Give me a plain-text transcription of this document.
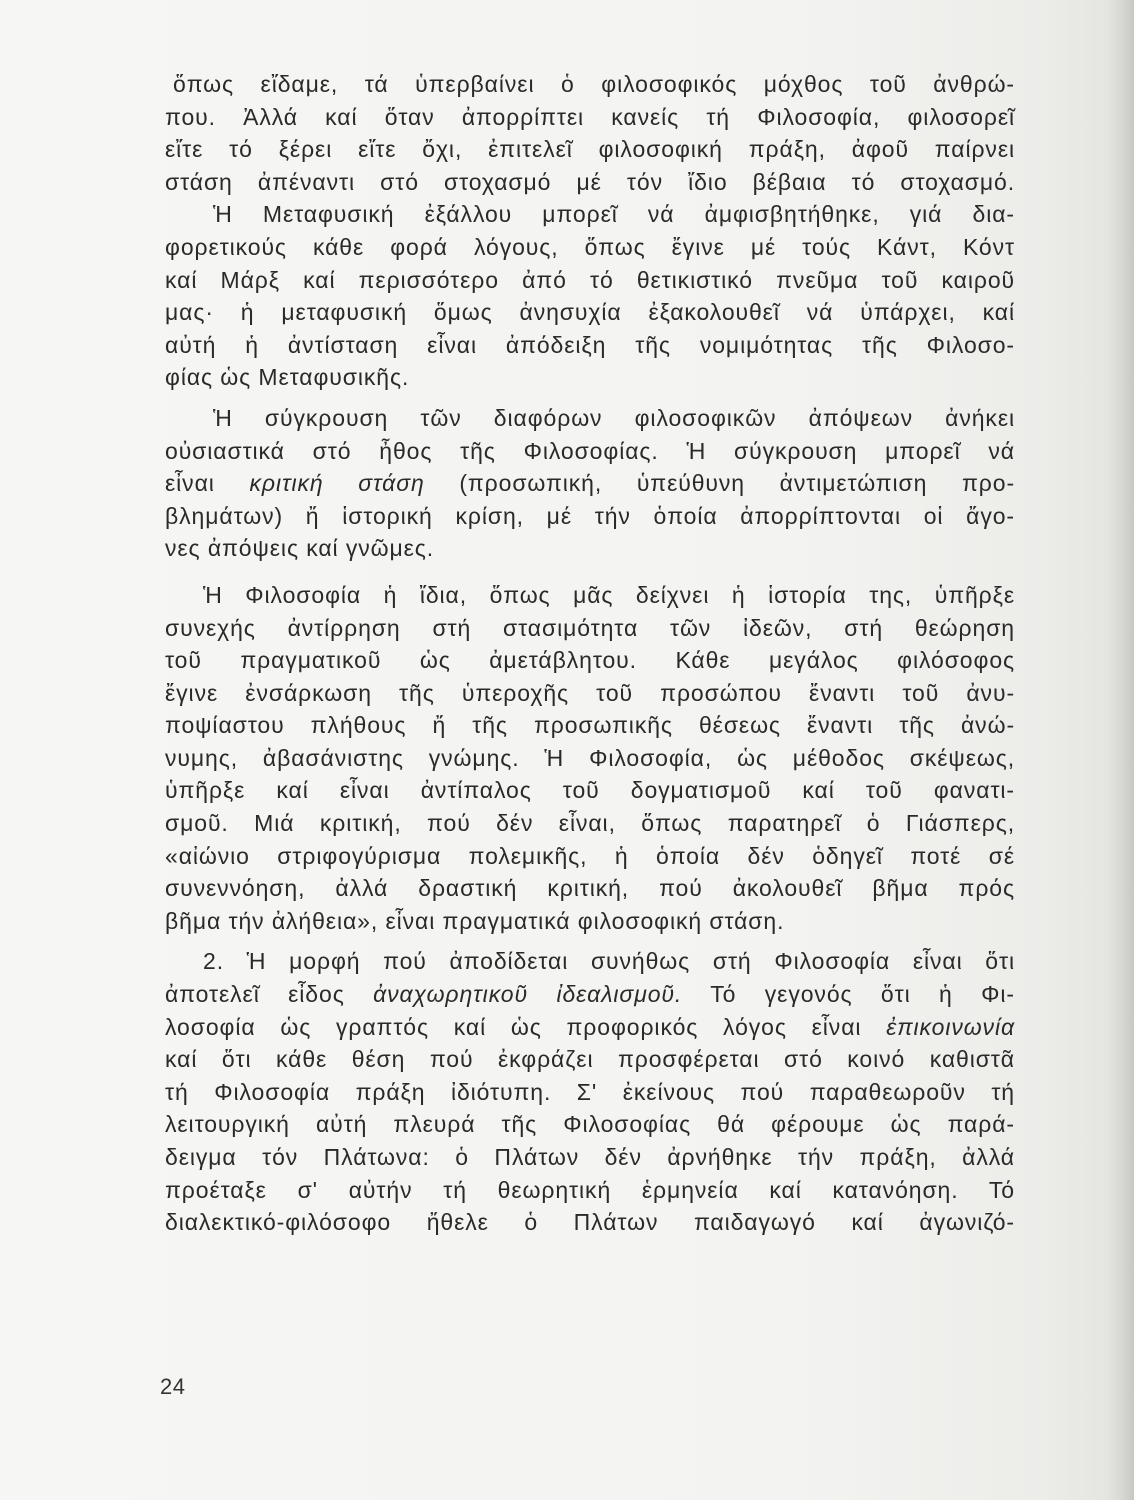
ὅπως εἴδαμε, τά ὑπερβαίνει ὁ φιλοσοφικός μόχθος τοῦ ἀνθρώ-
που. Ἀλλά καί ὅταν ἀπορρίπτει κανείς τή Φιλοσοφία, φιλοσορεῖ
εἴτε τό ξέρει εἴτε ὄχι, ἐπιτελεῖ φιλοσοφική πράξη, ἀφοῦ παίρνει
στάση ἀπέναντι στό στοχασμό μέ τόν ἴδιο βέβαια τό στοχασμό.
Ἡ Μεταφυσική ἐξάλλου μπορεῖ νά ἀμφισβητήθηκε, γιά δια-
φορετικούς κάθε φορά λόγους, ὅπως ἔγινε μέ τούς Κάντ, Κόντ
καί Μάρξ καί περισσότερο ἀπό τό θετικιστικό πνεῦμα τοῦ καιροῦ
μας· ἡ μεταφυσική ὅμως ἀνησυχία ἐξακολουθεῖ νά ὑπάρχει, καί
αὐτή ἡ ἀντίσταση εἶναι ἀπόδειξη τῆς νομιμότητας τῆς Φιλοσο-
φίας ὡς Μεταφυσικῆς.
Ἡ σύγκρουση τῶν διαφόρων φιλοσοφικῶν ἀπόψεων ἀνήκει
οὐσιαστικά στό ἦθος τῆς Φιλοσοφίας. Ἡ σύγκρουση μπορεῖ νά
εἶναι κριτική στάση (προσωπική, ὑπεύθυνη ἀντιμετώπιση προ-
βλημάτων) ἤ ἱστορική κρίση, μέ τήν ὁποία ἀπορρίπτονται οἱ ἄγο-
νες ἀπόψεις καί γνῶμες.
Ἡ Φιλοσοφία ἡ ἴδια, ὅπως μᾶς δείχνει ἡ ἱστορία της, ὑπῆρξε
συνεχής ἀντίρρηση στή στασιμότητα τῶν ἰδεῶν, στή θεώρηση
τοῦ πραγματικοῦ ὡς ἀμετάβλητου. Κάθε μεγάλος φιλόσοφος
ἔγινε ἐνσάρκωση τῆς ὑπεροχῆς τοῦ προσώπου ἔναντι τοῦ ἀνυ-
ποψίαστου πλήθους ἤ τῆς προσωπικῆς θέσεως ἔναντι τῆς ἀνώ-
νυμης, ἀβασάνιστης γνώμης. Ἡ Φιλοσοφία, ὡς μέθοδος σκέψεως,
ὑπῆρξε καί εἶναι ἀντίπαλος τοῦ δογματισμοῦ καί τοῦ φανατι-
σμοῦ. Μιά κριτική, πού δέν εἶναι, ὅπως παρατηρεῖ ὁ Γιάσπερς,
«αἰώνιο στριφογύρισμα πολεμικῆς, ἡ ὁποία δέν ὁδηγεῖ ποτέ σέ
συνεννόηση, ἀλλά δραστική κριτική, πού ἀκολουθεῖ βῆμα πρός
βῆμα τήν ἀλήθεια», εἶναι πραγματικά φιλοσοφική στάση.
2. Ἡ μορφή πού ἀποδίδεται συνήθως στή Φιλοσοφία εἶναι ὅτι
ἀποτελεῖ εἶδος ἀναχωρητικοῦ ἰδεαλισμοῦ. Τό γεγονός ὅτι ἡ Φι-
λοσοφία ὡς γραπτός καί ὡς προφορικός λόγος εἶναι ἐπικοινωνία
καί ὅτι κάθε θέση πού ἐκφράζει προσφέρεται στό κοινό καθιστᾶ
τή Φιλοσοφία πράξη ἰδιότυπη. Σ' ἐκείνους πού παραθεωροῦν τή
λειτουργική αὐτή πλευρά τῆς Φιλοσοφίας θά φέρουμε ὡς παρά-
δειγμα τόν Πλάτωνα: ὁ Πλάτων δέν ἀρνήθηκε τήν πράξη, ἀλλά
προέταξε σ' αὐτήν τή θεωρητική ἑρμηνεία καί κατανόηση. Τό
διαλεκτικό-φιλόσοφο ἤθελε ὁ Πλάτων παιδαγωγό καί ἀγωνιζό-
24
